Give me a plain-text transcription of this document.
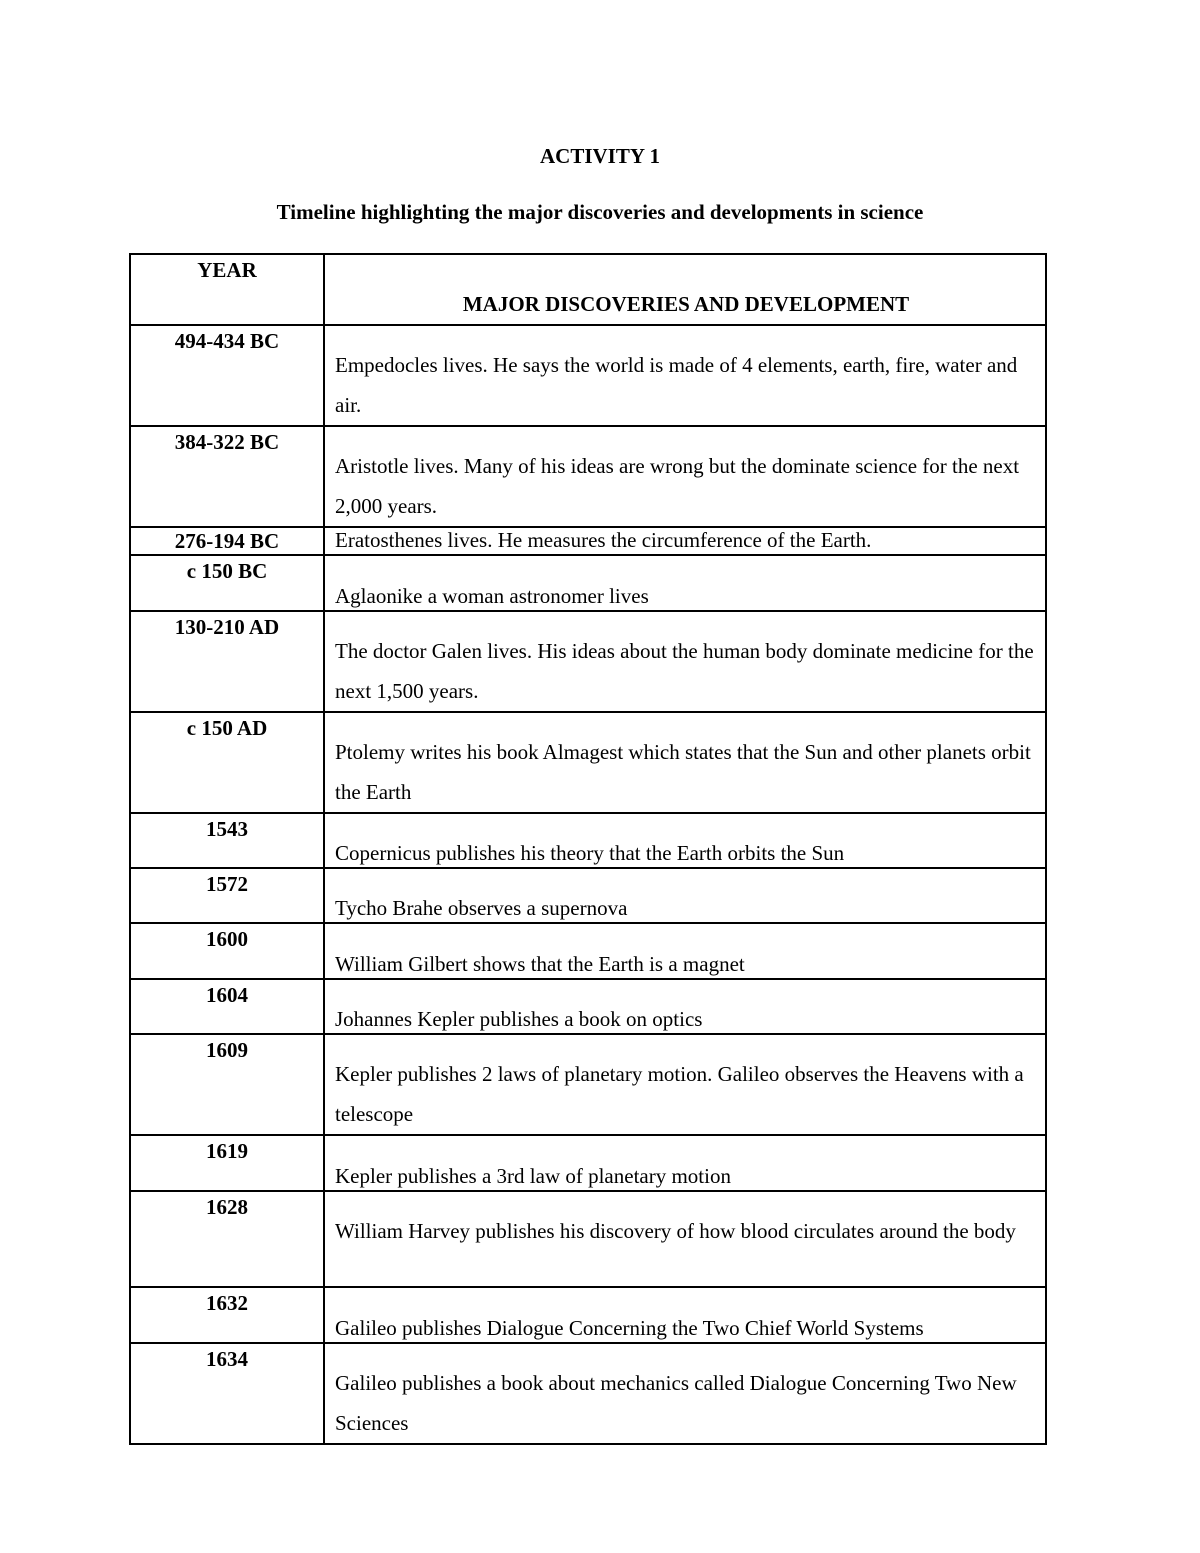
ACTIVITY 1
Timeline highlighting the major discoveries and developments in science
YEAR	MAJOR DISCOVERIES AND DEVELOPMENT
494-434 BC	Empedocles lives. He says the world is made of 4 elements, earth, fire, water and air.
384-322 BC	Aristotle lives. Many of his ideas are wrong but the dominate science for the next 2,000 years.
276-194 BC	Eratosthenes lives. He measures the circumference of the Earth.
c 150 BC	Aglaonike a woman astronomer lives
130-210 AD	The doctor Galen lives. His ideas about the human body dominate medicine for the next 1,500 years.
c 150 AD	Ptolemy writes his book Almagest which states that the Sun and other planets orbit the Earth
1543	Copernicus publishes his theory that the Earth orbits the Sun
1572	Tycho Brahe observes a supernova
1600	William Gilbert shows that the Earth is a magnet
1604	Johannes Kepler publishes a book on optics
1609	Kepler publishes 2 laws of planetary motion. Galileo observes the Heavens with a telescope
1619	Kepler publishes a 3rd law of planetary motion
1628	William Harvey publishes his discovery of how blood circulates around the body
1632	Galileo publishes Dialogue Concerning the Two Chief World Systems
1634	Galileo publishes a book about mechanics called Dialogue Concerning Two New Sciences
